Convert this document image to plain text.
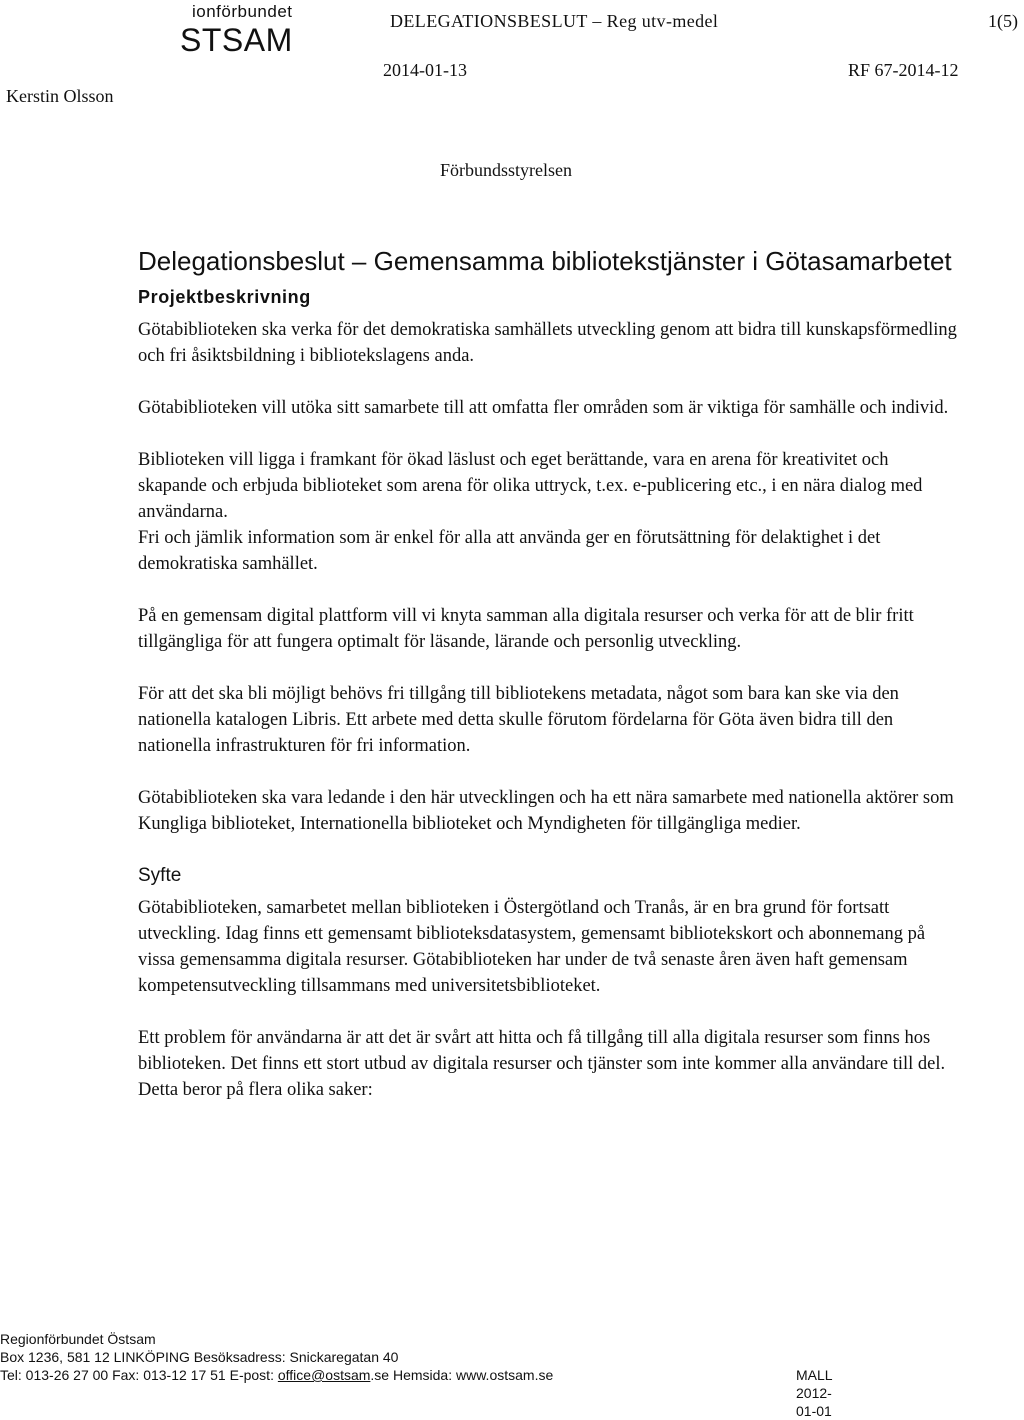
ionförbundet
STSAM
Kerstin Olsson
DELEGATIONSBESLUT – Reg utv-medel	1(5)
2014-01-13	RF 67-2014-12
Förbundsstyrelsen
Delegationsbeslut – Gemensamma bibliotekstjänster i Götasamarbetet
Projektbeskrivning

Götabiblioteken ska verka för det demokratiska samhällets utveckling genom att bidra till kunskapsförmedling och fri åsiktsbildning i bibliotekslagens anda.

Götabiblioteken vill utöka sitt samarbete till att omfatta fler områden som är viktiga för samhälle och individ.

Biblioteken vill ligga i framkant för ökad läslust och eget berättande, vara en arena för kreativitet och skapande och erbjuda biblioteket som arena för olika uttryck, t.ex. e-publicering etc., i en nära dialog med användarna.

Fri och jämlik information som är enkel för alla att använda ger en förutsättning för delaktighet i det demokratiska samhället.

På en gemensam digital plattform vill vi knyta samman alla digitala resurser och verka för att de blir fritt tillgängliga för att fungera optimalt för läsande, lärande och personlig utveckling.

För att det ska bli möjligt behövs fri tillgång till bibliotekens metadata, något som bara kan ske via den nationella katalogen Libris. Ett arbete med detta skulle förutom fördelarna för Göta även bidra till den nationella infrastrukturen för fri information.

Götabiblioteken ska vara ledande i den här utvecklingen och ha ett nära samarbete med nationella aktörer som Kungliga biblioteket, Internationella biblioteket och Myndigheten för tillgängliga medier.

Syfte

Götabiblioteken, samarbetet mellan biblioteken i Östergötland och Tranås, är en bra grund för fortsatt utveckling. Idag finns ett gemensamt biblioteksdatasystem, gemensamt bibliotekskort och abonnemang på vissa gemensamma digitala resurser. Götabiblioteken har under de två senaste åren även haft gemensam kompetensutveckling tillsammans med universitetsbiblioteket.

Ett problem för användarna är att det är svårt att hitta och få tillgång till alla digitala resurser som finns hos biblioteken. Det finns ett stort utbud av digitala resurser och tjänster som inte kommer alla användare till del. Detta beror på flera olika saker:

Regionförbundet Östsam
Box 1236, 581 12 LINKÖPING Besöksadress: Snickaregatan 40
Tel: 013-26 27 00 Fax: 013-12 17 51 E-post: office@ostsam.se Hemsida: www.ostsam.se	MALL 2012-01-01
